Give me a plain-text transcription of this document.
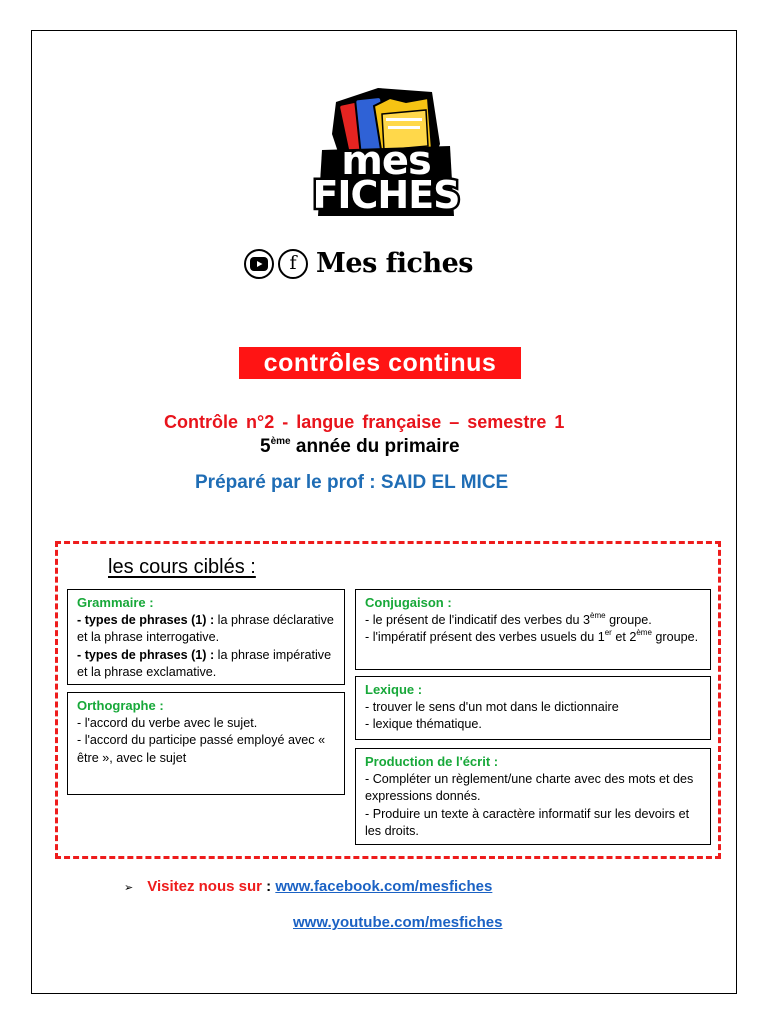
mes
FICHES
f Mes fiches
contrôles continus
Contrôle n°2 - langue française – semestre 1
5ème année du primaire
Préparé par le prof : SAID EL MICE
les cours ciblés :

Grammaire :

- types de phrases (1) : la phrase déclarative et la phrase interrogative.

- types de phrases (1) : la phrase impérative et la phrase exclamative.

Orthographe :

- l'accord du verbe avec le sujet.

- l'accord du participe passé employé avec « être », avec le sujet

Conjugaison :

- le présent de l'indicatif des verbes du 3ème groupe.

- l'impératif présent des verbes usuels du 1er et 2ème groupe.

Lexique :

- trouver le sens d'un mot dans le dictionnaire

- lexique thématique.

Production de l'écrit :

- Compléter un règlement/une charte avec des mots et des expressions donnés.

- Produire un texte à caractère informatif sur les devoirs et les droits.

➢ Visitez nous sur : www.facebook.com/mesfiches
www.youtube.com/mesfiches
